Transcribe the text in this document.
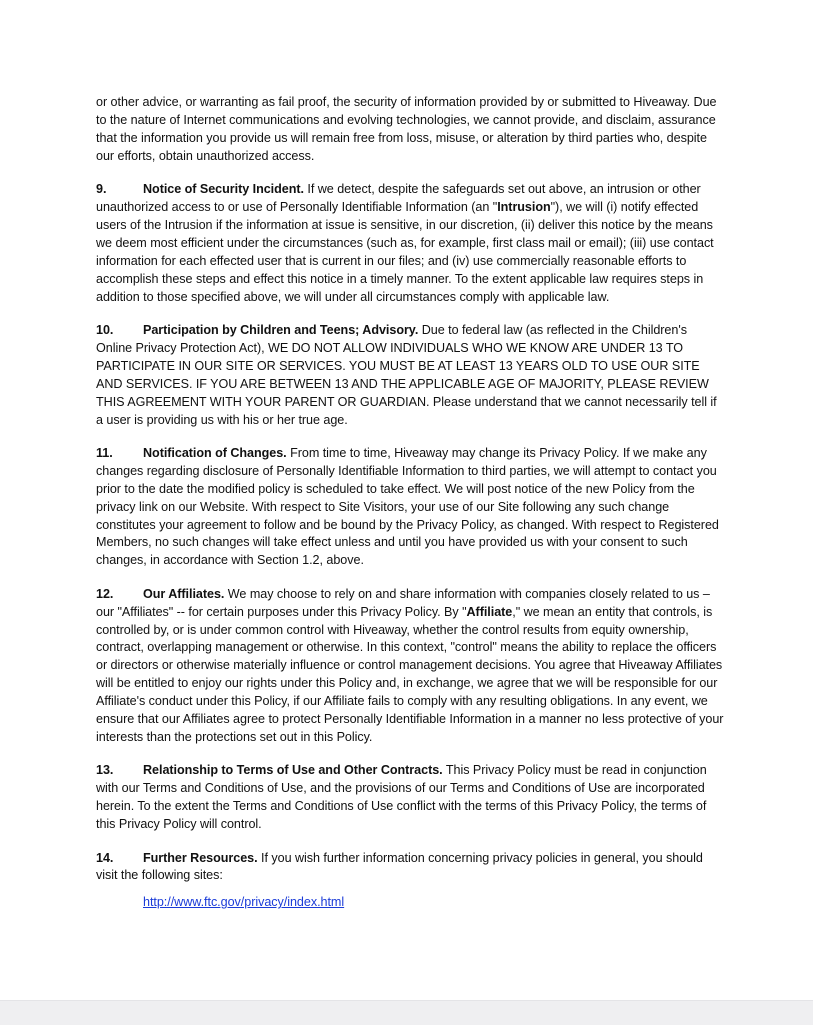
or other advice, or warranting as fail proof, the security of information provided by or submitted to Hiveaway. Due to the nature of Internet communications and evolving technologies, we cannot provide, and disclaim, assurance that the information you provide us will remain free from loss, misuse, or alteration by third parties who, despite our efforts, obtain unauthorized access.

9.	Notice of Security Incident. If we detect, despite the safeguards set out above, an intrusion or other unauthorized access to or use of Personally Identifiable Information (an "Intrusion"), we will (i) notify effected users of the Intrusion if the information at issue is sensitive, in our discretion, (ii) deliver this notice by the means we deem most efficient under the circumstances (such as, for example, first class mail or email); (iii) use contact information for each effected user that is current in our files; and (iv) use commercially reasonable efforts to accomplish these steps and effect this notice in a timely manner. To the extent applicable law requires steps in addition to those specified above, we will under all circumstances comply with applicable law.

10. Participation by Children and Teens; Advisory. Due to federal law (as reflected in the Children's Online Privacy Protection Act), WE DO NOT ALLOW INDIVIDUALS WHO WE KNOW ARE UNDER 13 TO PARTICIPATE IN OUR SITE OR SERVICES. YOU MUST BE AT LEAST 13 YEARS OLD TO USE OUR SITE AND SERVICES. IF YOU ARE BETWEEN 13 AND THE APPLICABLE AGE OF MAJORITY, PLEASE REVIEW THIS AGREEMENT WITH YOUR PARENT OR GUARDIAN. Please understand that we cannot necessarily tell if a user is providing us with his or her true age.

11. Notification of Changes. From time to time, Hiveaway may change its Privacy Policy. If we make any changes regarding disclosure of Personally Identifiable Information to third parties, we will attempt to contact you prior to the date the modified policy is scheduled to take effect. We will post notice of the new Policy from the privacy link on our Website. With respect to Site Visitors, your use of our Site following any such change constitutes your agreement to follow and be bound by the Privacy Policy, as changed. With respect to Registered Members, no such changes will take effect unless and until you have provided us with your consent to such changes, in accordance with Section 1.2, above.

12. Our Affiliates. We may choose to rely on and share information with companies closely related to us – our "Affiliates" -- for certain purposes under this Privacy Policy. By "Affiliate," we mean an entity that controls, is controlled by, or is under common control with Hiveaway, whether the control results from equity ownership, contract, overlapping management or otherwise. In this context, "control" means the ability to replace the officers or directors or otherwise materially influence or control management decisions. You agree that Hiveaway Affiliates will be entitled to enjoy our rights under this Policy and, in exchange, we agree that we will be responsible for our Affiliate's conduct under this Policy, if our Affiliate fails to comply with any resulting obligations. In any event, we ensure that our Affiliates agree to protect Personally Identifiable Information in a manner no less protective of your interests than the protections set out in this Policy.

13. Relationship to Terms of Use and Other Contracts. This Privacy Policy must be read in conjunction with our Terms and Conditions of Use, and the provisions of our Terms and Conditions of Use are incorporated herein. To the extent the Terms and Conditions of Use conflict with the terms of this Privacy Policy, the terms of this Privacy Policy will control.

14. Further Resources. If you wish further information concerning privacy policies in general, you should visit the following sites:

http://www.ftc.gov/privacy/index.html
